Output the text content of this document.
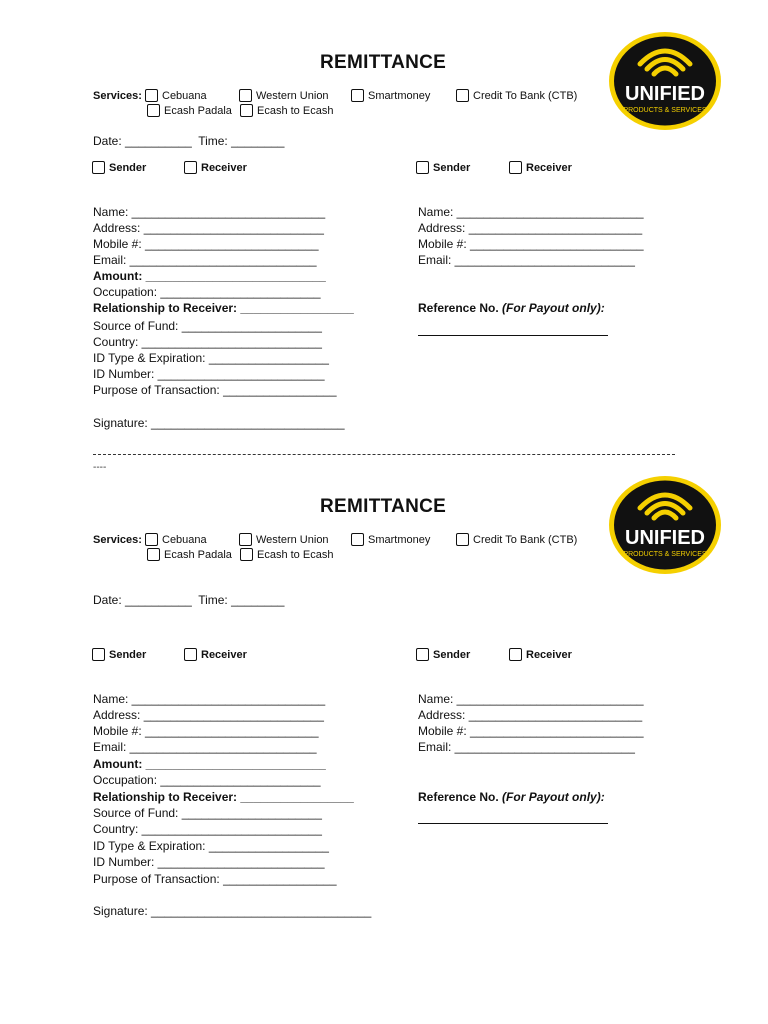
REMITTANCE
UNIFIED
PRODUCTS & SERVICES
Services: Cebuana	Western Union	Smartmoney	Credit To Bank (CTB)
Ecash Padala Ecash to Ecash
Date: __________  Time: ________
Sender	Receiver	Sender	Receiver
Name: _____________________________
Address: ___________________________
Mobile #: __________________________
Email: ____________________________
Amount: ___________________________
Occupation: ________________________
Relationship to Receiver: _________________
Source of Fund: _____________________
Country: ___________________________
ID Type & Expiration: __________________
ID Number: _________________________
Purpose of Transaction: _________________
Signature: _____________________________
Name: ____________________________
Address: __________________________
Mobile #: __________________________
Email: ___________________________
Reference No. (For Payout only):
----
REMITTANCE
UNIFIED
PRODUCTS & SERVICES
Services: Cebuana	Western Union	Smartmoney	Credit To Bank (CTB)
Ecash Padala Ecash to Ecash
Date: __________  Time: ________
Sender	Receiver	Sender	Receiver
Name: _____________________________
Address: ___________________________
Mobile #: __________________________
Email: ____________________________
Amount: ___________________________
Occupation: ________________________
Relationship to Receiver: _________________
Source of Fund: _____________________
Country: ___________________________
ID Type & Expiration: __________________
ID Number: _________________________
Purpose of Transaction: _________________
Signature: _________________________________
Name: ____________________________
Address: __________________________
Mobile #: __________________________
Email: ___________________________
Reference No. (For Payout only):
